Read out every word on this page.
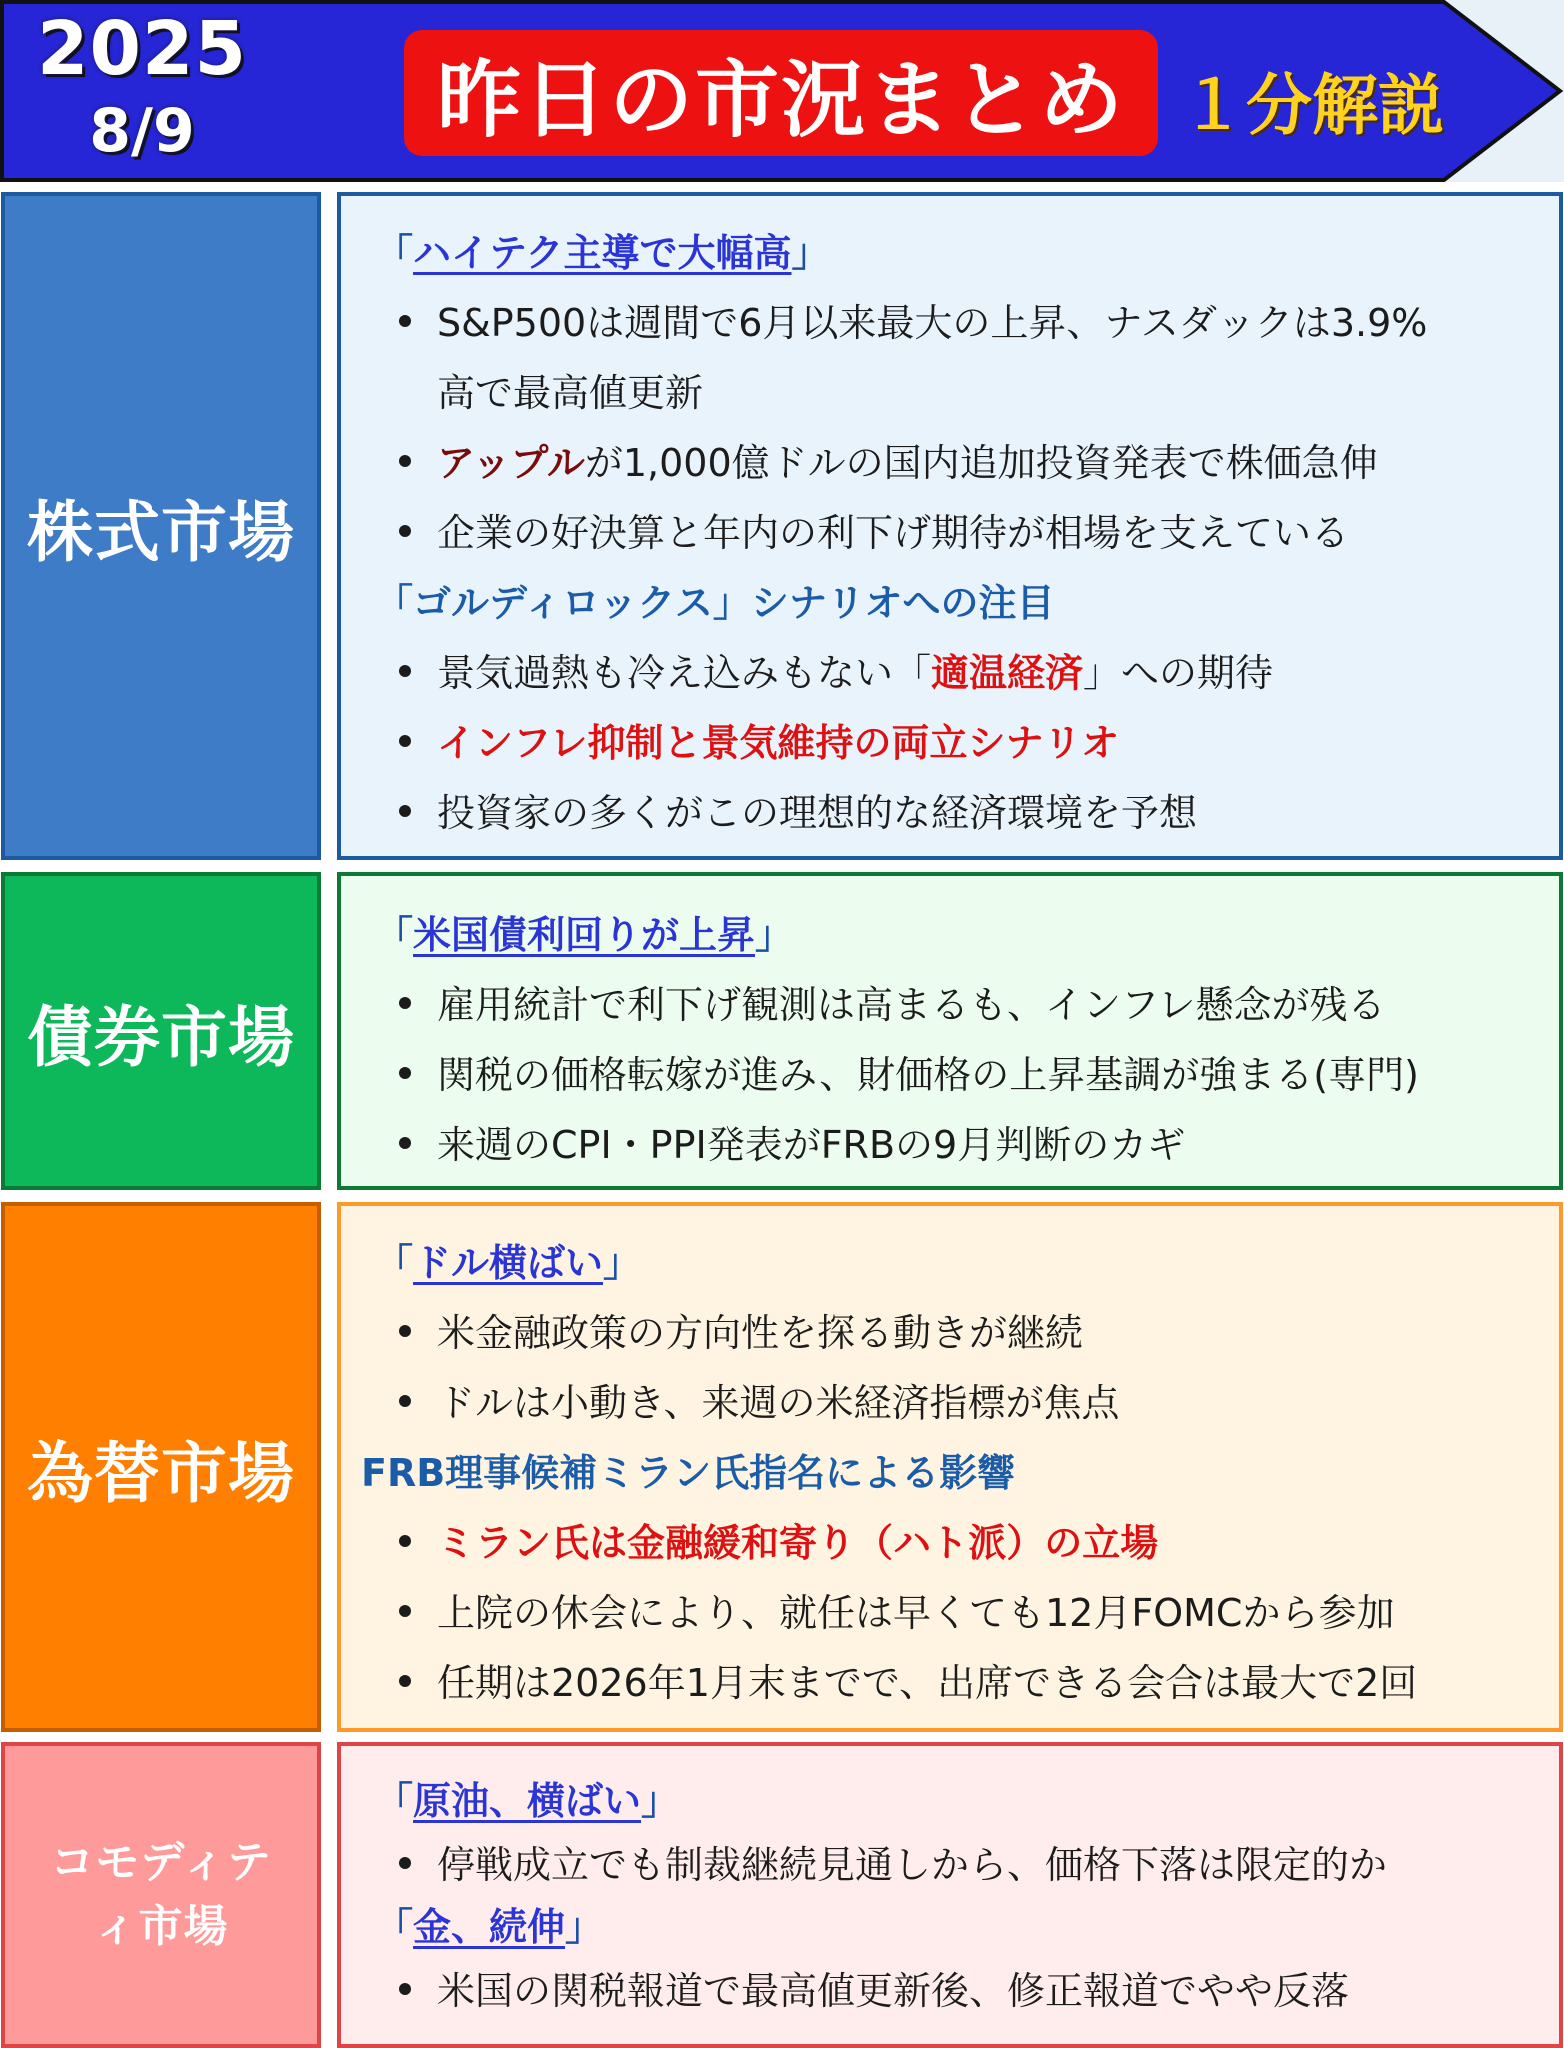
2025
8/9	昨日の市況まとめ １分解説
株式市場
「ハイテク主導で大幅高」
S&P500は週間で6月以来最大の上昇、ナスダックは3.9%
高で最高値更新
アップルが1,000億ドルの国内追加投資発表で株価急伸
企業の好決算と年内の利下げ期待が相場を支えている
「ゴルディロックス」シナリオへの注目
景気過熱も冷え込みもない「適温経済」への期待
インフレ抑制と景気維持の両立シナリオ
投資家の多くがこの理想的な経済環境を予想
債券市場
「米国債利回りが上昇」
雇用統計で利下げ観測は高まるも、インフレ懸念が残る
関税の価格転嫁が進み、財価格の上昇基調が強まる(専門)
来週のCPI・PPI発表がFRBの9月判断のカギ
為替市場
「ドル横ばい」
米金融政策の方向性を探る動きが継続
ドルは小動き、来週の米経済指標が焦点
FRB理事候補ミラン氏指名による影響
ミラン氏は金融緩和寄り（ハト派）の立場
上院の休会により、就任は早くても12月FOMCから参加
任期は2026年1月末までで、出席できる会合は最大で2回
コモディテ
ィ市場
「原油、横ばい」
停戦成立でも制裁継続見通しから、価格下落は限定的か
「金、続伸」
米国の関税報道で最高値更新後、修正報道でやや反落
